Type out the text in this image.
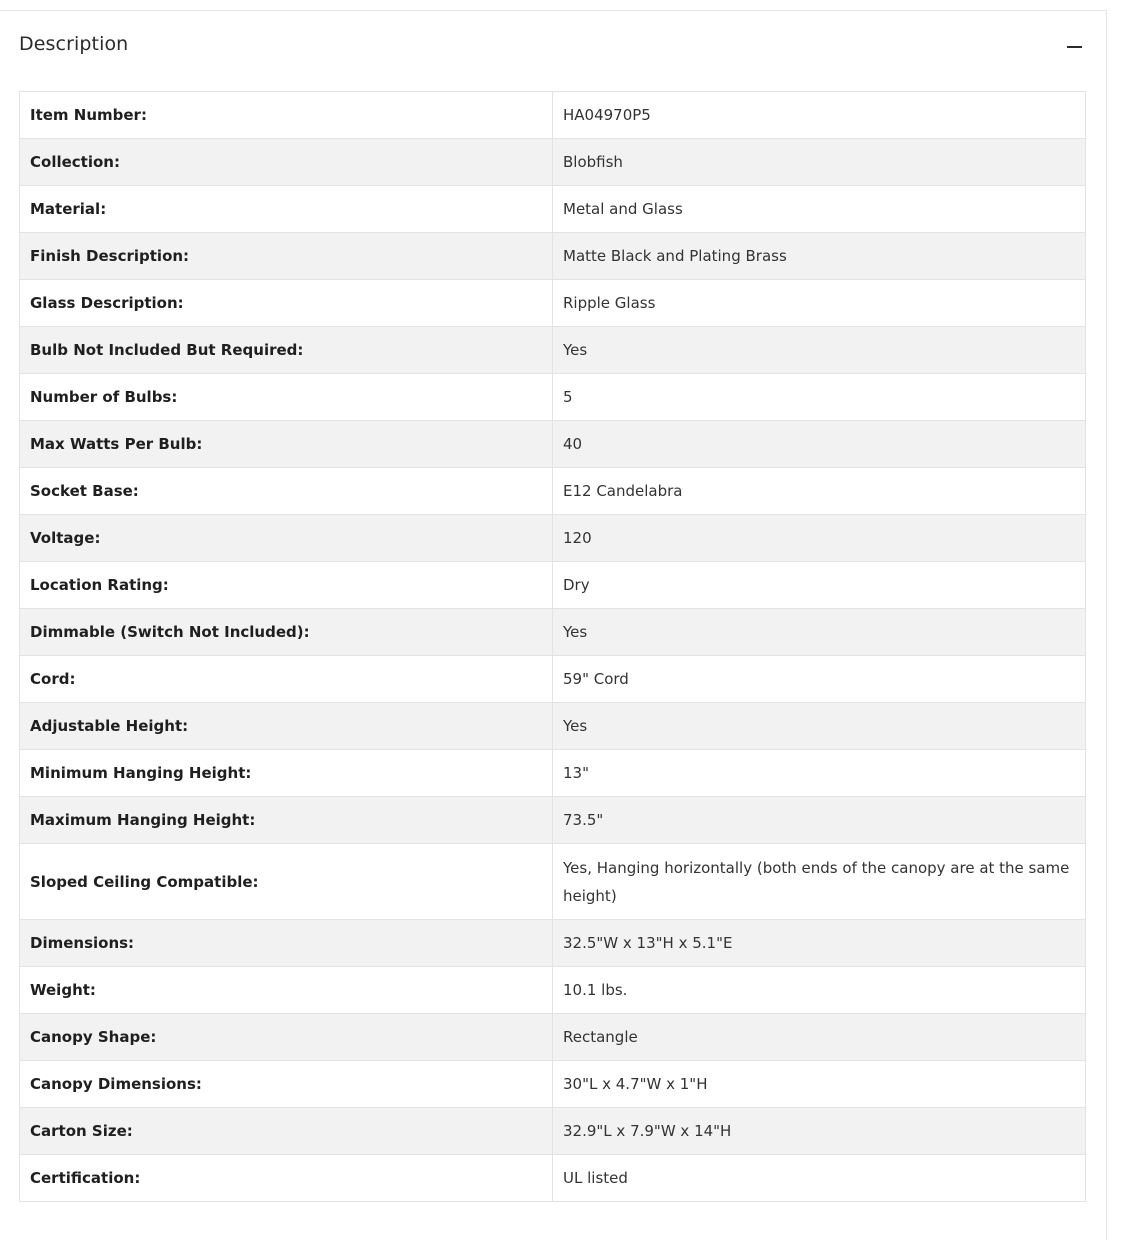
Description
Item Number:	HA04970P5
Collection:	Blobfish
Material:	Metal and Glass
Finish Description:	Matte Black and Plating Brass
Glass Description:	Ripple Glass
Bulb Not Included But Required:	Yes
Number of Bulbs:	5
Max Watts Per Bulb:	40
Socket Base:	E12 Candelabra
Voltage:	120
Location Rating:	Dry
Dimmable (Switch Not Included):	Yes
Cord:	59" Cord
Adjustable Height:	Yes
Minimum Hanging Height:	13"
Maximum Hanging Height:	73.5"
Sloped Ceiling Compatible:	Yes, Hanging horizontally (both ends of the canopy are at the same height)
Dimensions:	32.5"W x 13"H x 5.1"E
Weight:	10.1 lbs.
Canopy Shape:	Rectangle
Canopy Dimensions:	30"L x 4.7"W x 1"H
Carton Size:	32.9"L x 7.9"W x 14"H
Certification:	UL listed
